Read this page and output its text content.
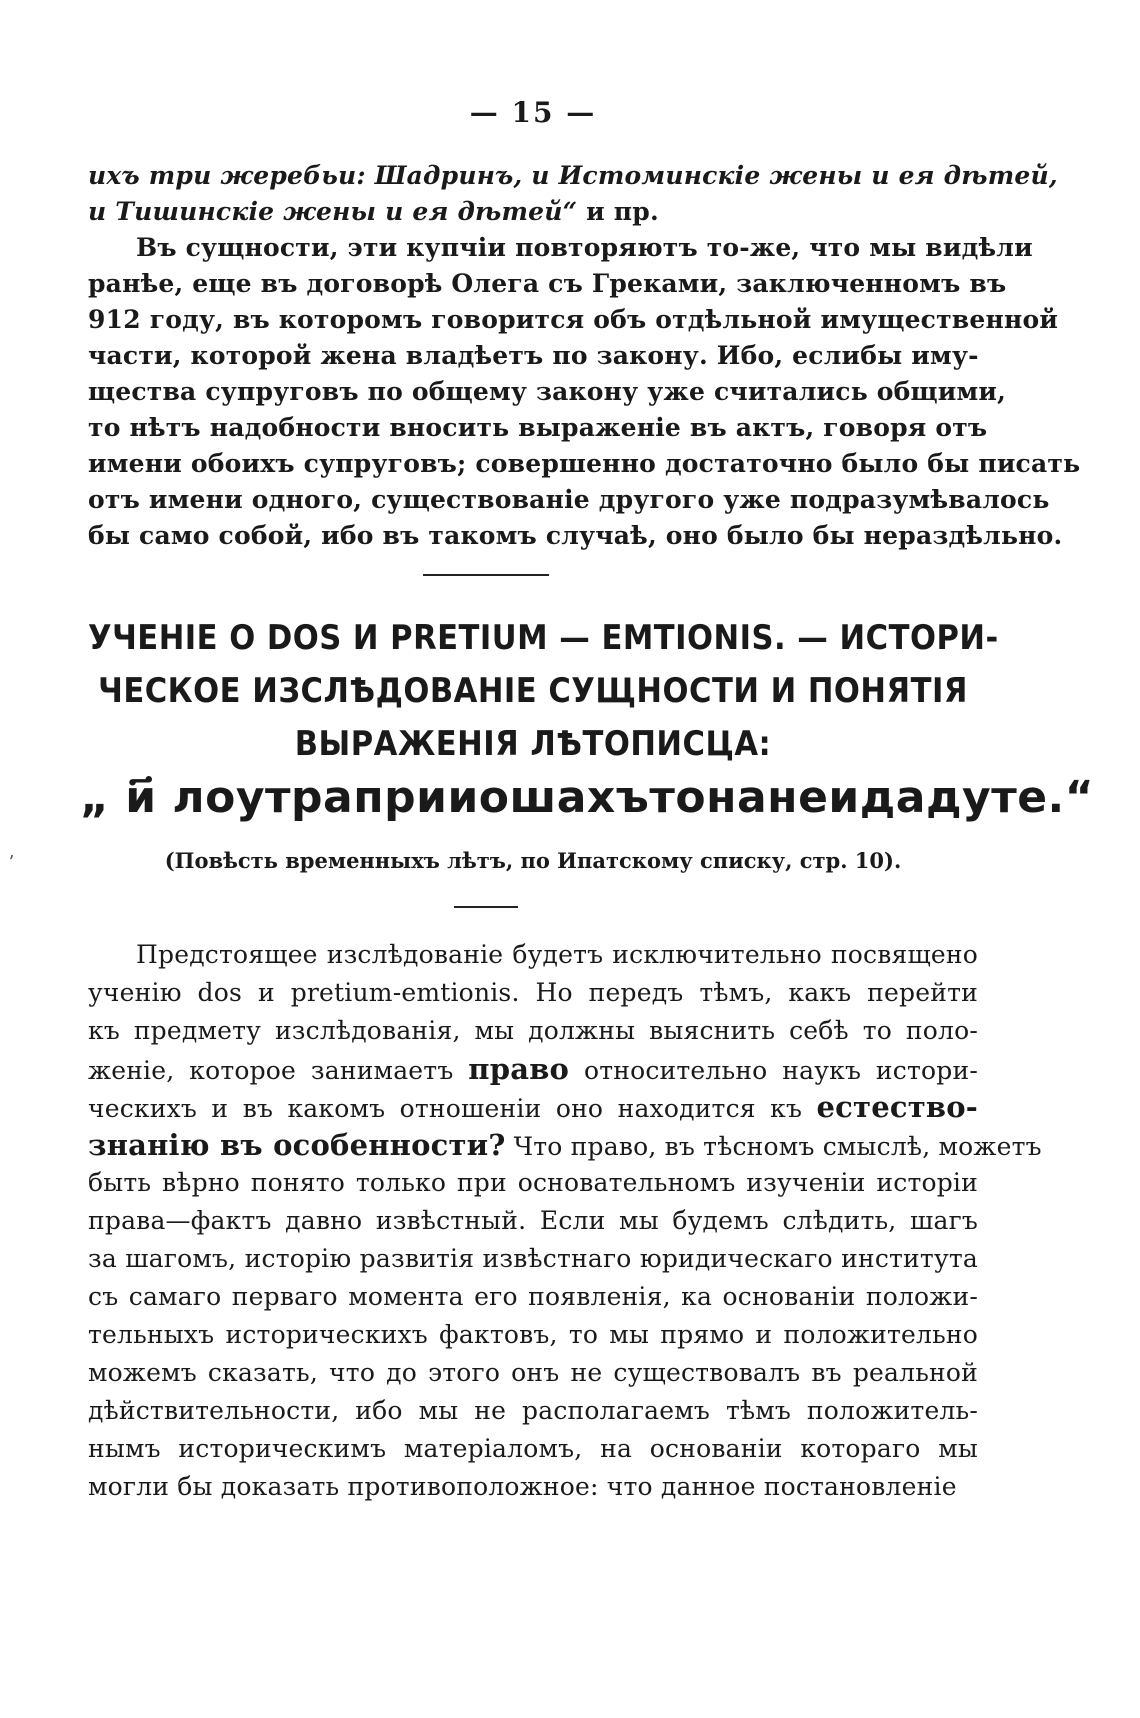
— 15 —
ихъ три жеребьи: Шадринъ, и Истоминскіе жены и ея дѣтей,
и Тишинскіе жены и ея дѣтей“ и пр.
Въ сущности, эти купчіи повторяютъ то-же, что мы видѣли
ранѣе, еще въ договорѣ Олега съ Греками, заключенномъ въ
912 году, въ которомъ говорится объ отдѣльной имущественной
части, которой жена владѣетъ по закону. Ибо, еслибы иму-
щества супруговъ по общему закону уже считались общими,
то нѣтъ надобности вносить выраженіе въ актъ, говоря отъ
имени обоихъ супруговъ; совершенно достаточно было бы писать
отъ имени одного, существованіе другого уже подразумѣвалось
бы само собой, ибо въ такомъ случаѣ, оно было бы нераздѣльно.
УЧЕНІЕ О DOS И PRETIUM — EMTIONIS. — ИСТОРИ-
ЧЕСКОЕ ИЗСЛѢДОВАНІЕ СУЩНОСТИ И ПОНЯТІЯ
ВЫРАЖЕНІЯ ЛѢТОПИСЦА:
„ и҃ лоутраприиошахътонанеидадуте.“
(Повѣсть временныхъ лѣтъ, по Ипатскому списку, стр. 10).
Предстоящее изслѣдованіе будетъ исключительно посвящено
ученію dos и pretium-emtionis. Но передъ тѣмъ, какъ перейти
къ предмету изслѣдованія, мы должны выяснить себѣ то поло-
женіе, которое занимаетъ право относительно наукъ истори-
ческихъ и въ какомъ отношеніи оно находится къ естество-
знанію въ особенности? Что право, въ тѣсномъ смыслѣ, можетъ
быть вѣрно понято только при основательномъ изученіи исторіи
права—фактъ давно извѣстный. Если мы будемъ слѣдить, шагъ
за шагомъ, исторію развитія извѣстнаго юридическаго института
съ самаго перваго момента его появленія, ка основаніи положи-
тельныхъ историческихъ фактовъ, то мы прямо и положительно
можемъ сказать, что до этого онъ не существовалъ въ реальной
дѣйствительности, ибо мы не располагаемъ тѣмъ положитель-
нымъ историческимъ матеріаломъ, на основаніи котораго мы
могли бы доказать противоположное: что данное постановленіе
ʼ
